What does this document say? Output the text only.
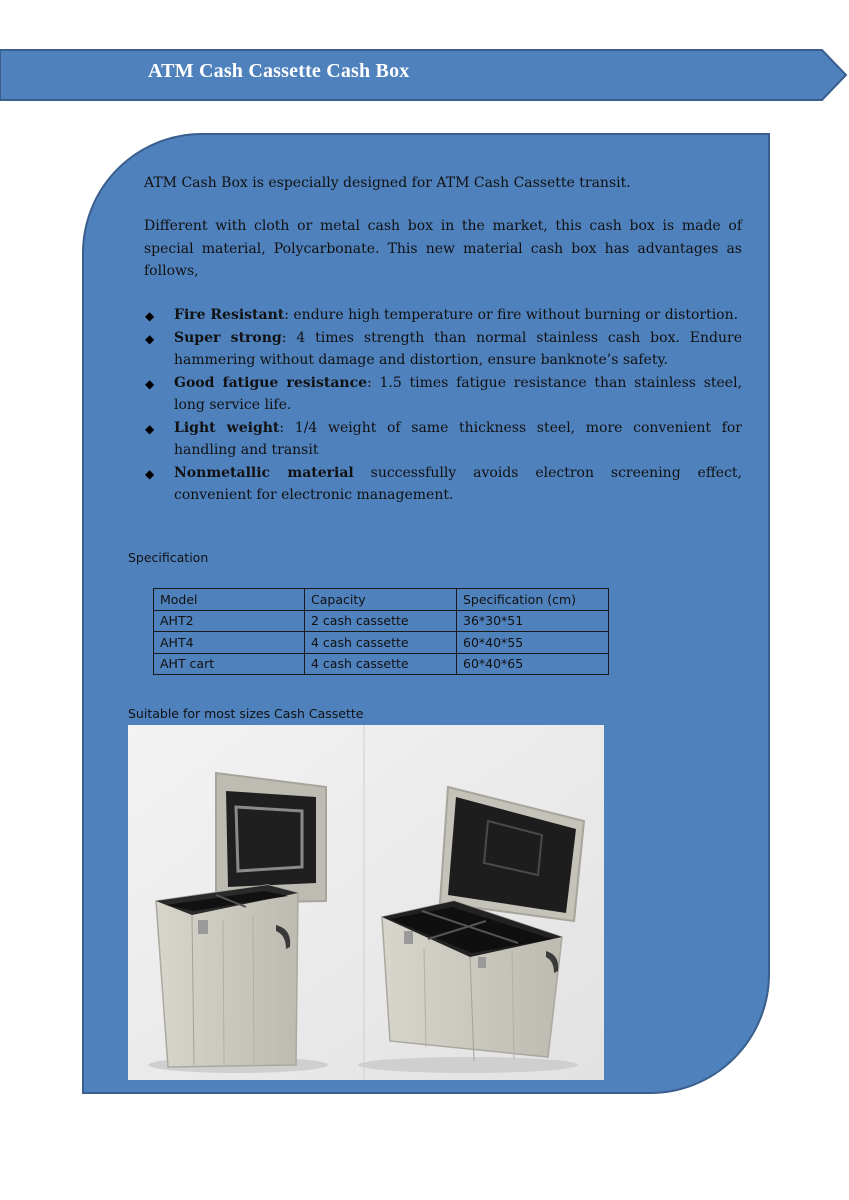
ATM Cash Cassette Cash Box
ATM Cash Box is especially designed for ATM Cash Cassette transit.
Different with cloth or metal cash box in the market, this cash box is made of special material, Polycarbonate. This new material cash box has advantages as follows,
◆ Fire Resistant: endure high temperature or fire without burning or distortion.
◆ Super strong: 4 times strength than normal stainless cash box. Endure hammering without damage and distortion, ensure banknote’s safety.
◆ Good fatigue resistance: 1.5 times fatigue resistance than stainless steel, long service life.
◆ Light weight: 1/4 weight of same thickness steel, more convenient for handling and transit
◆ Nonmetallic material successfully avoids electron screening effect, convenient for electronic management.
Specification
Model	Capacity	Specification (cm)
AHT2	2 cash cassette	36*30*51
AHT4	4 cash cassette	60*40*55
AHT cart	4 cash cassette	60*40*65
Suitable for most sizes Cash Cassette
